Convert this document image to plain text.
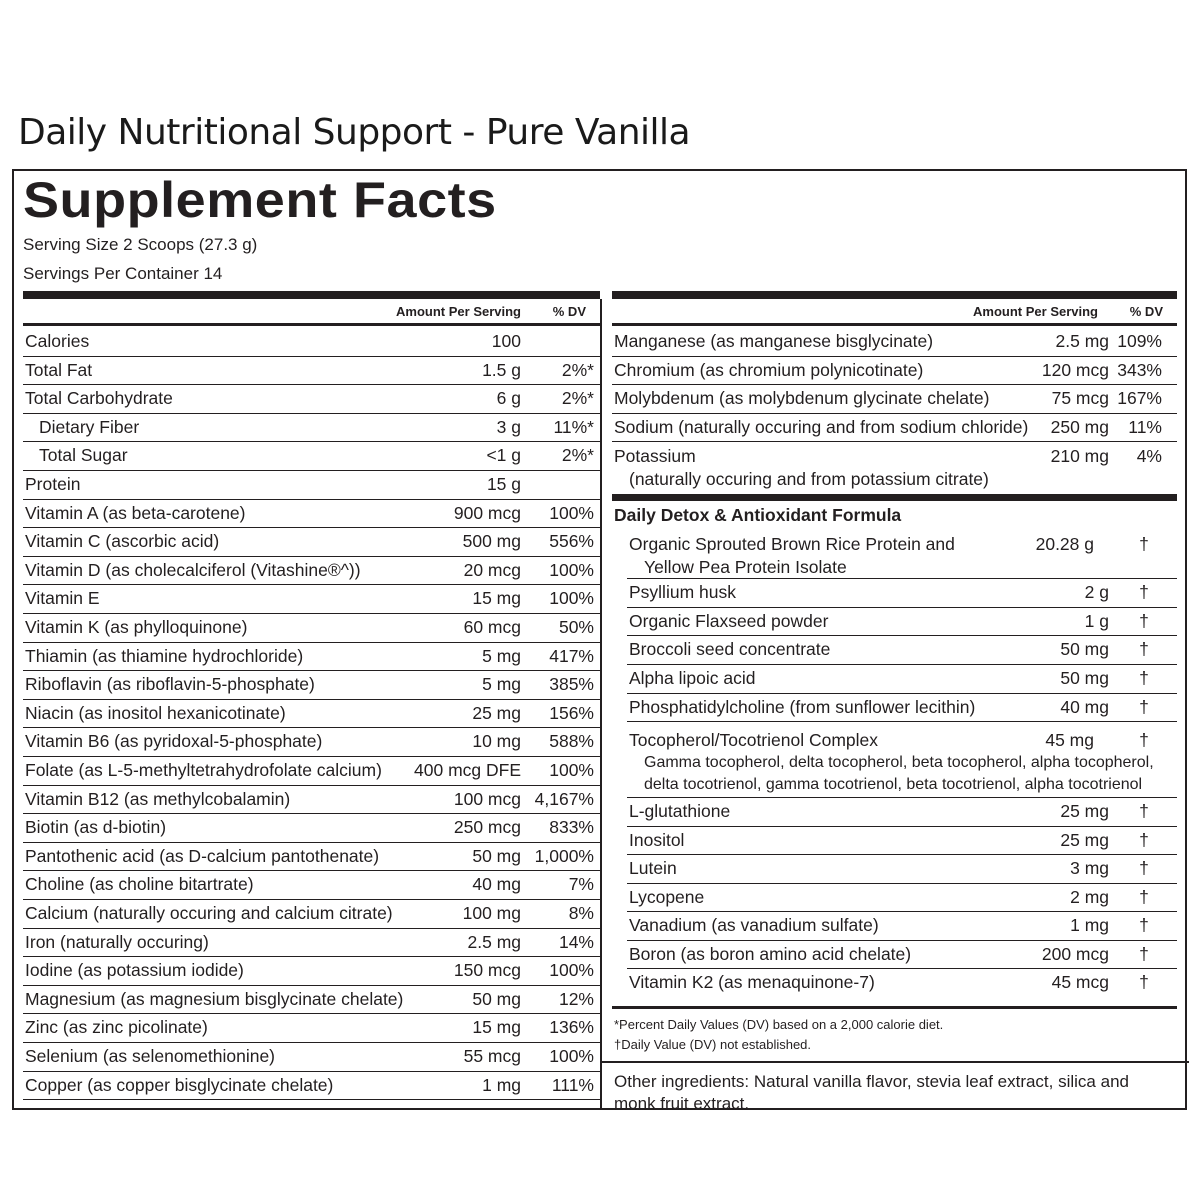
Daily Nutritional Support - Pure Vanilla
Supplement Facts
Serving Size 2 Scoops (27.3 g)
Servings Per Container 14
Amount Per Serving % DV
Calories	100
Total Fat	1.5 g 2%*
Total Carbohydrate	6 g 2%*
Dietary Fiber	3 g 11%*
Total Sugar	<1 g 2%*
Protein	15 g
Vitamin A (as beta-carotene)	900 mcg 100%
Vitamin C (ascorbic acid)	500 mg 556%
Vitamin D (as cholecalciferol (Vitashine®^))	20 mcg 100%
Vitamin E	15 mg 100%
Vitamin K (as phylloquinone)	60 mcg 50%
Thiamin (as thiamine hydrochloride)	5 mg 417%
Riboflavin (as riboflavin-5-phosphate)	5 mg 385%
Niacin (as inositol hexanicotinate)	25 mg 156%
Vitamin B6 (as pyridoxal-5-phosphate)	10 mg 588%
Folate (as L-5-methyltetrahydrofolate calcium) 400 mcg DFE 100%
Vitamin B12 (as methylcobalamin)	100 mcg 4,167%
Biotin (as d-biotin)	250 mcg 833%
Pantothenic acid (as D-calcium pantothenate)	50 mg 1,000%
Choline (as choline bitartrate)	40 mg	7%
Calcium (naturally occuring and calcium citrate)	100 mg	8%
Iron (naturally occuring)	2.5 mg 14%
Iodine (as potassium iodide)	150 mcg 100%
Magnesium (as magnesium bisglycinate chelate)	50 mg 12%
Zinc (as zinc picolinate)	15 mg 136%
Selenium (as selenomethionine)	55 mcg 100%
Copper (as copper bisglycinate chelate)	1 mg 111%
Amount Per Serving % DV
Manganese (as manganese bisglycinate)	2.5 mg 109%
Chromium (as chromium polynicotinate)	120 mcg 343%
Molybdenum (as molybdenum glycinate chelate)	75 mcg 167%
Sodium (naturally occuring and from sodium chloride) 250 mg 11%
Potassium	210 mg 4%
(naturally occuring and from potassium citrate)
Daily Detox & Antioxidant Formula
Organic Sprouted Brown Rice Protein and
Yellow Pea Protein Isolate
20.28 g	†
Psyllium husk	2 g	†
Organic Flaxseed powder	1 g	†
Broccoli seed concentrate	50 mg	†
Alpha lipoic acid	50 mg	†
Phosphatidylcholine (from sunflower lecithin)	40 mg	†
Tocopherol/Tocotrienol Complex	45 mg	†
Gamma tocopherol, delta tocopherol, beta tocopherol, alpha tocopherol,
delta tocotrienol, gamma tocotrienol, beta tocotrienol, alpha tocotrienol
L-glutathione	25 mg	†
Inositol	25 mg	†
Lutein	3 mg	†
Lycopene	2 mg	†
Vanadium (as vanadium sulfate)	1 mg	†
Boron (as boron amino acid chelate)	200 mcg	†
Vitamin K2 (as menaquinone-7)	45 mcg	†
*Percent Daily Values (DV) based on a 2,000 calorie diet.
†Daily Value (DV) not established.
Other ingredients: Natural vanilla flavor, stevia leaf extract, silica and monk fruit extract.
